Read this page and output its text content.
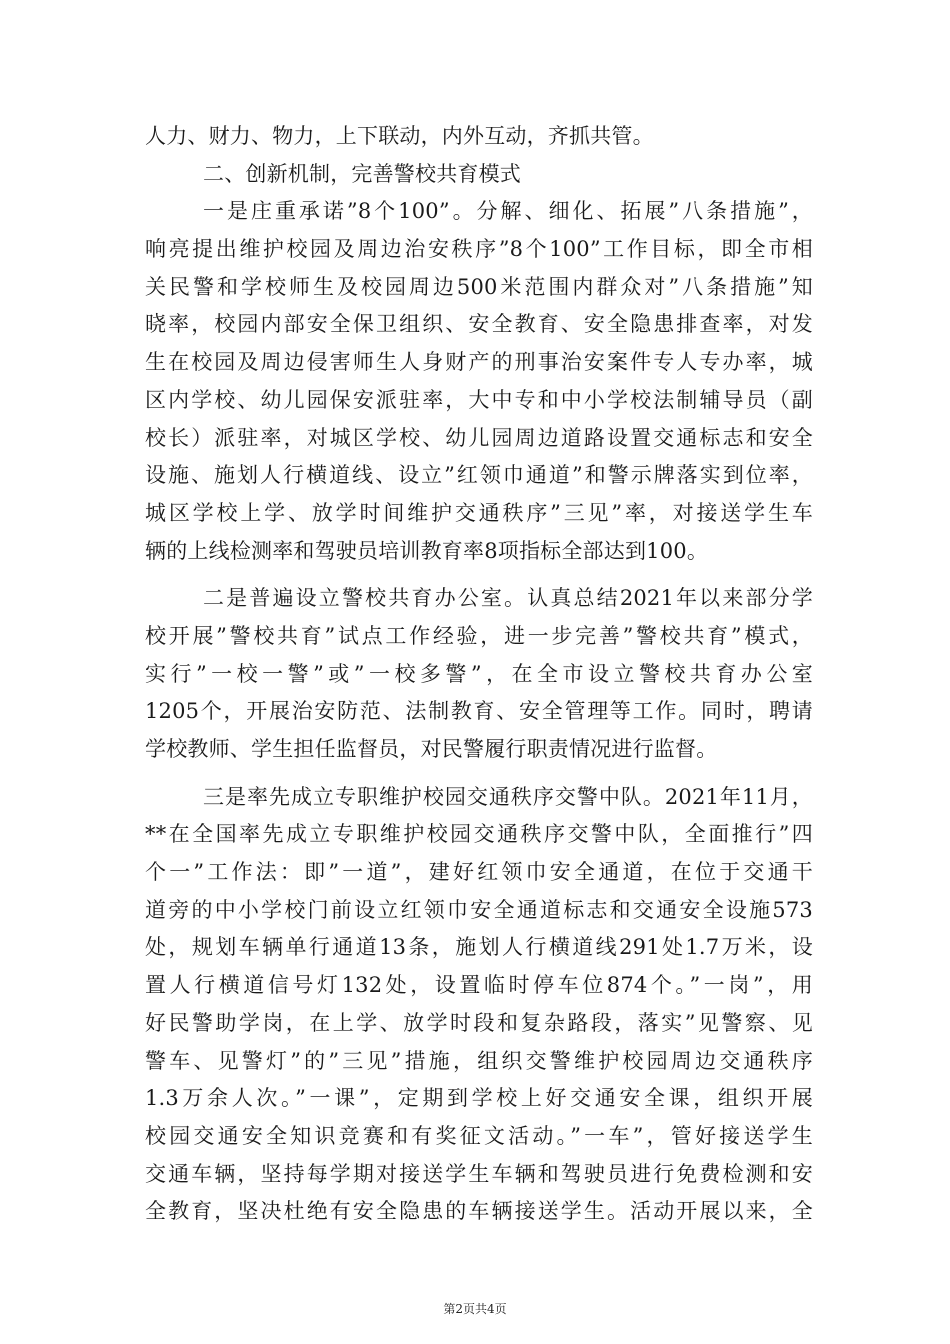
人力、财力、物力，上下联动，内外互动，齐抓共管。
二、创新机制，完善警校共育模式
一是庄重承诺”8个100”。分解、细化、拓展”八条措施”，
响亮提出维护校园及周边治安秩序”8个100”工作目标，即全市相
关民警和学校师生及校园周边500米范围内群众对”八条措施”知
晓率，校园内部安全保卫组织、安全教育、安全隐患排查率，对发
生在校园及周边侵害师生人身财产的刑事治安案件专人专办率，城
区内学校、幼儿园保安派驻率，大中专和中小学校法制辅导员（副
校长）派驻率，对城区学校、幼儿园周边道路设置交通标志和安全
设施、施划人行横道线、设立”红领巾通道”和警示牌落实到位率，
城区学校上学、放学时间维护交通秩序”三见”率，对接送学生车
辆的上线检测率和驾驶员培训教育率8项指标全部达到100。
二是普遍设立警校共育办公室。认真总结2021年以来部分学
校开展”警校共育”试点工作经验，进一步完善”警校共育”模式，
实行”一校一警”或”一校多警”，在全市设立警校共育办公室
1205个，开展治安防范、法制教育、安全管理等工作。同时，聘请
学校教师、学生担任监督员，对民警履行职责情况进行监督。
三是率先成立专职维护校园交通秩序交警中队。2021年11月，
**在全国率先成立专职维护校园交通秩序交警中队，全面推行”四
个一”工作法：即”一道”，建好红领巾安全通道，在位于交通干
道旁的中小学校门前设立红领巾安全通道标志和交通安全设施573
处，规划车辆单行通道13条，施划人行横道线291处1.7万米，设
置人行横道信号灯132处，设置临时停车位874个。”一岗”，用
好民警助学岗，在上学、放学时段和复杂路段，落实”见警察、见
警车、见警灯”的”三见”措施，组织交警维护校园周边交通秩序
1.3万余人次。”一课”，定期到学校上好交通安全课，组织开展
校园交通安全知识竞赛和有奖征文活动。”一车”，管好接送学生
交通车辆，坚持每学期对接送学生车辆和驾驶员进行免费检测和安
全教育，坚决杜绝有安全隐患的车辆接送学生。活动开展以来，全
第2页共4页
